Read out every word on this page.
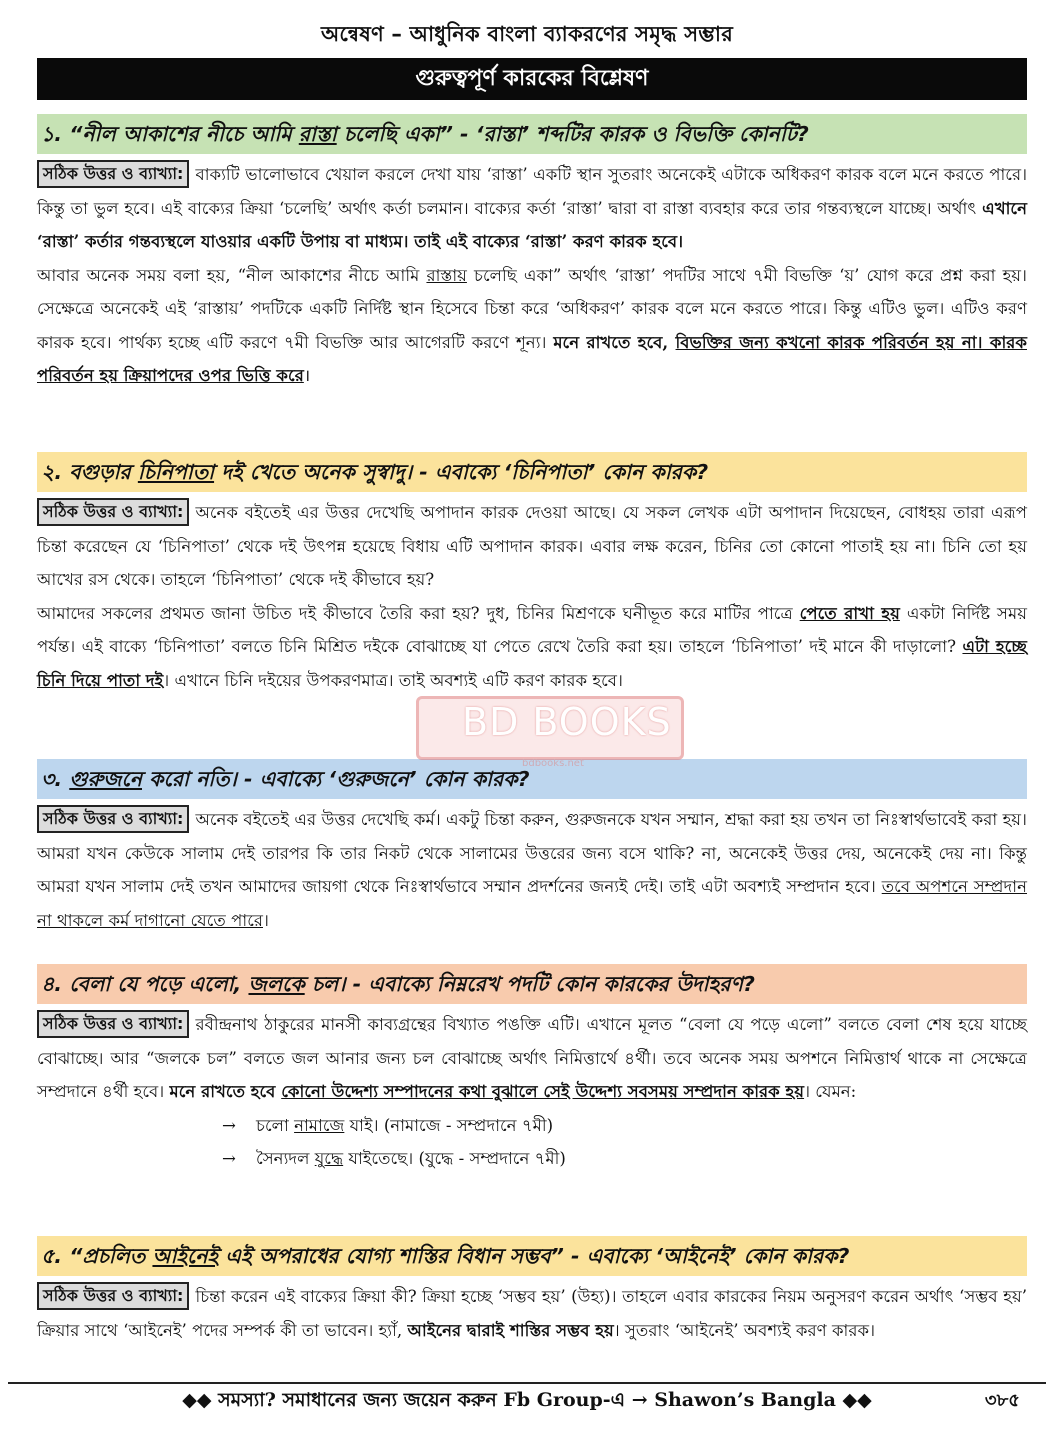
অন্বেষণ – আধুনিক বাংলা ব্যাকরণের সমৃদ্ধ সম্ভার
গুরুত্বপূর্ণ কারকের বিশ্লেষণ
১. “নীল আকাশের নীচে আমি রাস্তা চলেছি একা” - ‘রাস্তা’ শব্দটির কারক ও বিভক্তি কোনটি?

সঠিক উত্তর ও ব্যাখ্যা: বাক্যটি ভালোভাবে খেয়াল করলে দেখা যায় ‘রাস্তা’ একটি স্থান সুতরাং অনেকেই এটাকে অধিকরণ কারক বলে মনে করতে পারে। কিন্তু তা ভুল হবে। এই বাক্যের ক্রিয়া ‘চলেছি’ অর্থাৎ কর্তা চলমান। বাক্যের কর্তা ‘রাস্তা’ দ্বারা বা রাস্তা ব্যবহার করে তার গন্তব্যস্থলে যাচ্ছে। অর্থাৎ এখানে ‘রাস্তা’ কর্তার গন্তব্যস্থলে যাওয়ার একটি উপায় বা মাধ্যম। তাই এই বাক্যের ‘রাস্তা’ করণ কারক হবে।

আবার অনেক সময় বলা হয়, “নীল আকাশের নীচে আমি রাস্তায় চলেছি একা” অর্থাৎ ‘রাস্তা’ পদটির সাথে ৭মী বিভক্তি ‘য়’ যোগ করে প্রশ্ন করা হয়। সেক্ষেত্রে অনেকেই এই ‘রাস্তায়’ পদটিকে একটি নির্দিষ্ট স্থান হিসেবে চিন্তা করে ‘অধিকরণ’ কারক বলে মনে করতে পারে। কিন্তু এটিও ভুল। এটিও করণ কারক হবে। পার্থক্য হচ্ছে এটি করণে ৭মী বিভক্তি আর আগেরটি করণে শূন্য। মনে রাখতে হবে, বিভক্তির জন্য কখনো কারক পরিবর্তন হয় না। কারক পরিবর্তন হয় ক্রিয়াপদের ওপর ভিত্তি করে।

২. বগুড়ার চিনিপাতা দই খেতে অনেক সুস্বাদু। - এবাক্যে ‘চিনিপাতা’ কোন কারক?

সঠিক উত্তর ও ব্যাখ্যা: অনেক বইতেই এর উত্তর দেখেছি অপাদান কারক দেওয়া আছে। যে সকল লেখক এটা অপাদান দিয়েছেন, বোধহয় তারা এরূপ চিন্তা করেছেন যে ‘চিনিপাতা’ থেকে দই উৎপন্ন হয়েছে বিধায় এটি অপাদান কারক। এবার লক্ষ করেন, চিনির তো কোনো পাতাই হয় না। চিনি তো হয় আখের রস থেকে। তাহলে ‘চিনিপাতা’ থেকে দই কীভাবে হয়?

আমাদের সকলের প্রথমত জানা উচিত দই কীভাবে তৈরি করা হয়? দুধ, চিনির মিশ্রণকে ঘনীভূত করে মাটির পাত্রে পেতে রাখা হয় একটা নির্দিষ্ট সময় পর্যন্ত। এই বাক্যে ‘চিনিপাতা’ বলতে চিনি মিশ্রিত দইকে বোঝাচ্ছে যা পেতে রেখে তৈরি করা হয়। তাহলে ‘চিনিপাতা’ দই মানে কী দাড়ালো? এটা হচ্ছে চিনি দিয়ে পাতা দই। এখানে চিনি দইয়ের উপকরণমাত্র। তাই অবশ্যই এটি করণ কারক হবে।

৩. গুরুজনে করো নতি। - এবাক্যে ‘গুরুজনে’ কোন কারক?

সঠিক উত্তর ও ব্যাখ্যা: অনেক বইতেই এর উত্তর দেখেছি কর্ম। একটু চিন্তা করুন, গুরুজনকে যখন সম্মান, শ্রদ্ধা করা হয় তখন তা নিঃস্বার্থভাবেই করা হয়। আমরা যখন কেউকে সালাম দেই তারপর কি তার নিকট থেকে সালামের উত্তরের জন্য বসে থাকি? না, অনেকেই উত্তর দেয়, অনেকেই দেয় না। কিন্তু আমরা যখন সালাম দেই তখন আমাদের জায়গা থেকে নিঃস্বার্থভাবে সম্মান প্রদর্শনের জন্যই দেই। তাই এটা অবশ্যই সম্প্রদান হবে। তবে অপশনে সম্প্রদান না থাকলে কর্ম দাগানো যেতে পারে।

৪. বেলা যে পড়ে এলো, জলকে চল। - এবাক্যে নিম্নরেখ পদটি কোন কারকের উদাহরণ?

সঠিক উত্তর ও ব্যাখ্যা: রবীন্দ্রনাথ ঠাকুরের মানসী কাব্যগ্রন্থের বিখ্যাত পঙক্তি এটি। এখানে মূলত “বেলা যে পড়ে এলো” বলতে বেলা শেষ হয়ে যাচ্ছে বোঝাচ্ছে। আর “জলকে চল” বলতে জল আনার জন্য চল বোঝাচ্ছে অর্থাৎ নিমিত্তার্থে ৪র্থী। তবে অনেক সময় অপশনে নিমিত্তার্থ থাকে না সেক্ষেত্রে সম্প্রদানে ৪র্থী হবে। মনে রাখতে হবে কোনো উদ্দেশ্য সম্পাদনের কথা বুঝালে সেই উদ্দেশ্য সবসময় সম্প্রদান কারক হয়। যেমন:

→ চলো নামাজে যাই। (নামাজে - সম্প্রদানে ৭মী)
→ সৈন্যদল যুদ্ধে যাইতেছে। (যুদ্ধে - সম্প্রদানে ৭মী)
৫. “প্রচলিত আইনেই এই অপরাধের যোগ্য শাস্তির বিধান সম্ভব” - এবাক্যে ‘আইনেই’ কোন কারক?

সঠিক উত্তর ও ব্যাখ্যা: চিন্তা করেন এই বাক্যের ক্রিয়া কী? ক্রিয়া হচ্ছে ‘সম্ভব হয়’ (উহ্য)। তাহলে এবার কারকের নিয়ম অনুসরণ করেন অর্থাৎ ‘সম্ভব হয়’ ক্রিয়ার সাথে ‘আইনেই’ পদের সম্পর্ক কী তা ভাবেন। হ্যাঁ, আইনের দ্বারাই শাস্তির সম্ভব হয়। সুতরাং ‘আইনেই’ অবশ্যই করণ কারক।

BD BOOKS
bdbooks.net
◆◆ সমস্যা? সমাধানের জন্য জয়েন করুন Fb Group-এ → Shawon’s Bangla ◆◆	৩৮৫
